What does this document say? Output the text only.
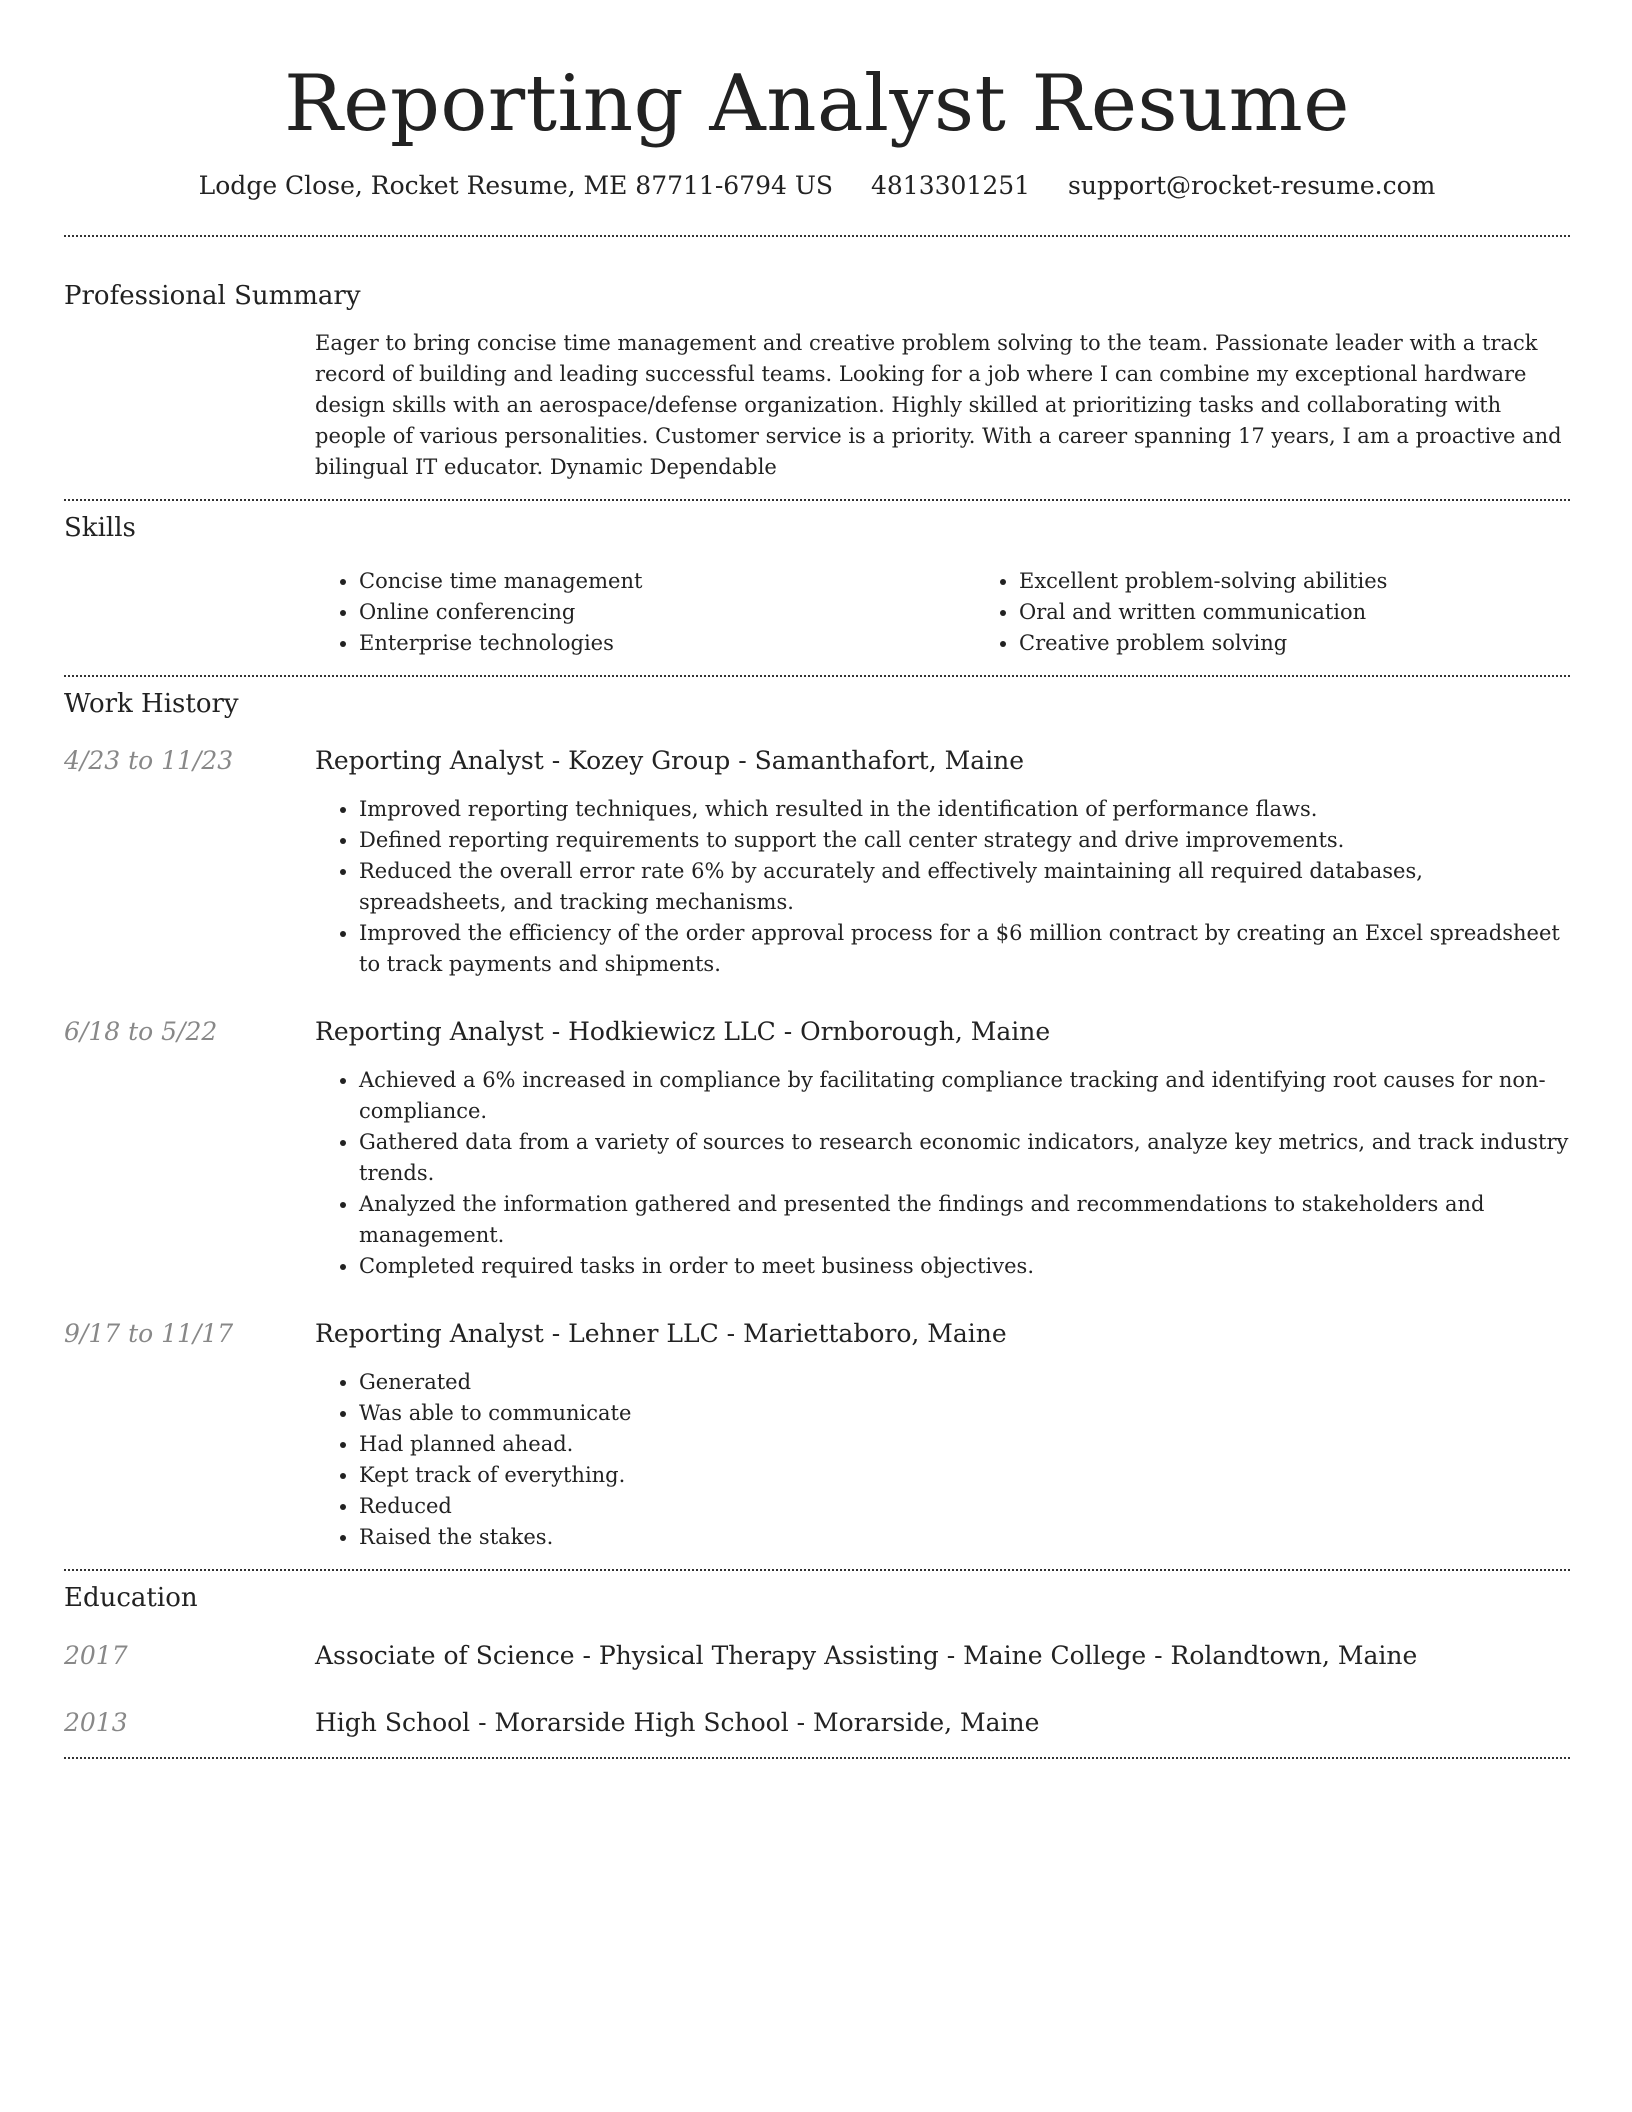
Reporting Analyst Resume
Lodge Close, Rocket Resume, ME 87711-6794 US 4813301251 support@rocket-resume.com
Professional Summary
Eager to bring concise time management and creative problem solving to the team. Passionate leader with a track record of building and leading successful teams. Looking for a job where I can combine my exceptional hardware design skills with an aerospace/defense organization. Highly skilled at prioritizing tasks and collaborating with people of various personalities. Customer service is a priority. With a career spanning 17 years, I am a proactive and bilingual IT educator. Dynamic Dependable
Skills
• Concise time management
• Online conferencing
• Enterprise technologies
• Excellent problem-solving abilities
• Oral and written communication
• Creative problem solving
Work History
4/23 to 11/23	Reporting Analyst - Kozey Group - Samanthafort, Maine
• Improved reporting techniques, which resulted in the identification of performance flaws.
• Defined reporting requirements to support the call center strategy and drive improvements.
• Reduced the overall error rate 6% by accurately and effectively maintaining all required databases, spreadsheets, and tracking mechanisms.
• Improved the efficiency of the order approval process for a $6 million contract by creating an Excel spreadsheet to track payments and shipments.
6/18 to 5/22	Reporting Analyst - Hodkiewicz LLC - Ornborough, Maine
• Achieved a 6% increased in compliance by facilitating compliance tracking and identifying root causes for non-compliance.
• Gathered data from a variety of sources to research economic indicators, analyze key metrics, and track industry trends.
• Analyzed the information gathered and presented the findings and recommendations to stakeholders and management.
• Completed required tasks in order to meet business objectives.
9/17 to 11/17	Reporting Analyst - Lehner LLC - Mariettaboro, Maine
• Generated
• Was able to communicate
• Had planned ahead.
• Kept track of everything.
• Reduced
• Raised the stakes.
Education
2017	Associate of Science - Physical Therapy Assisting - Maine College - Rolandtown, Maine
2013	High School - Morarside High School - Morarside, Maine
